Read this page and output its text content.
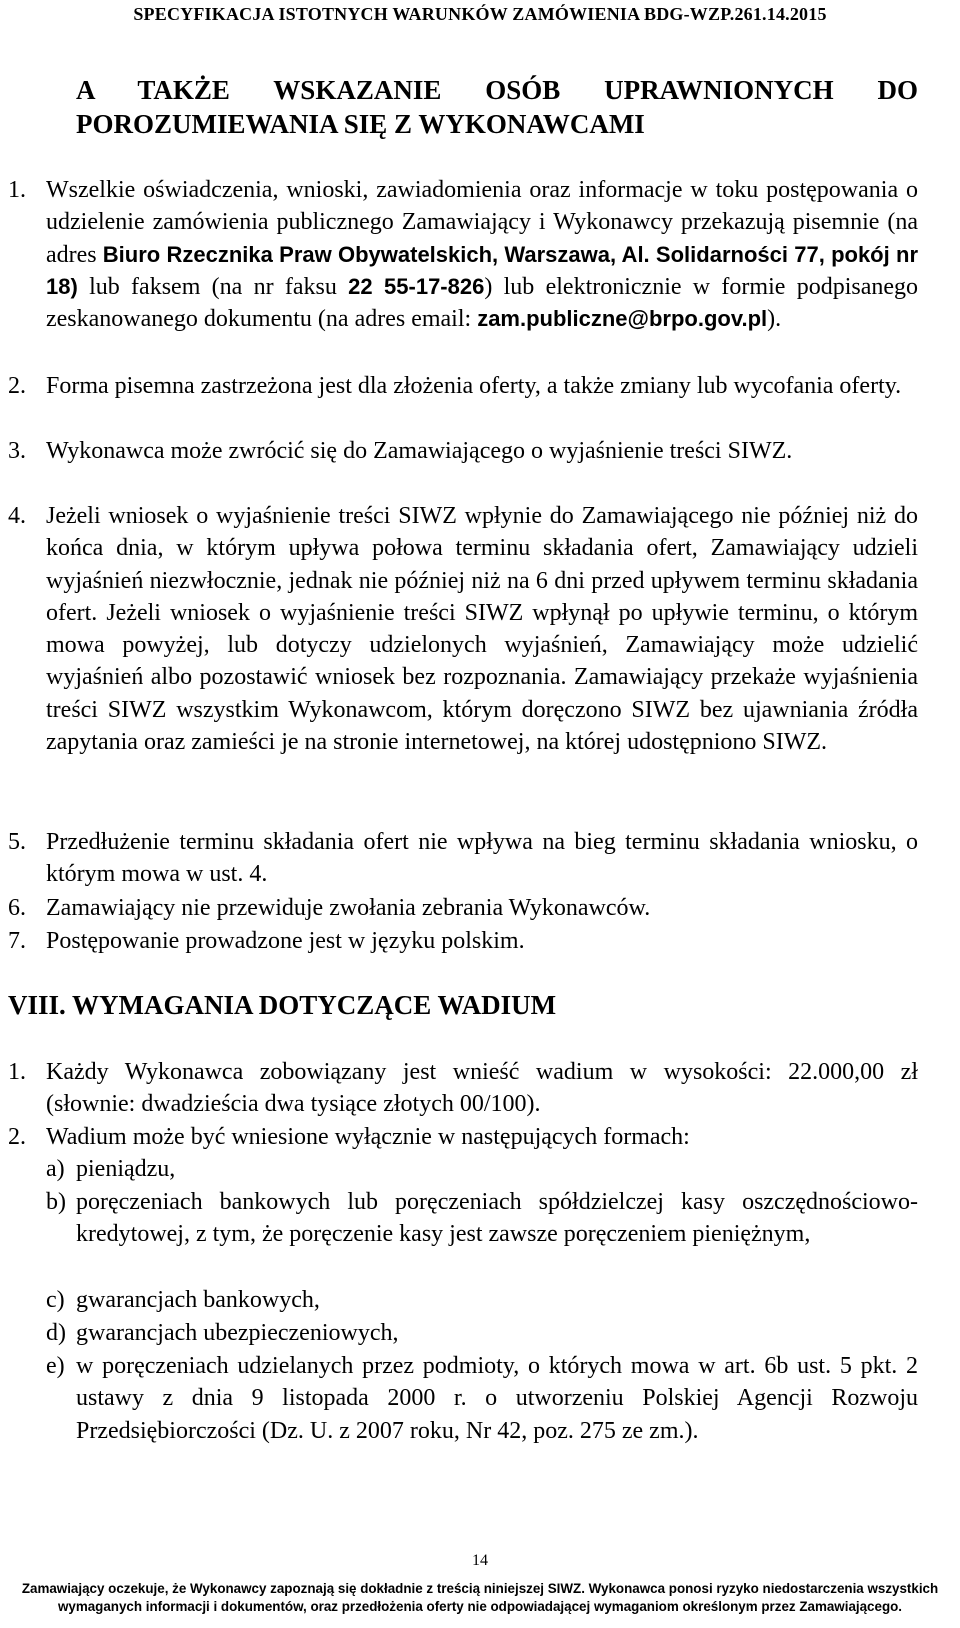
SPECYFIKACJA ISTOTNYCH WARUNKÓW ZAMÓWIENIA BDG-WZP.261.14.2015
A TAKŻE WSKAZANIE OSÓB UPRAWNIONYCH DO
POROZUMIEWANIA SIĘ Z WYKONAWCAMI
1. Wszelkie oświadczenia, wnioski, zawiadomienia oraz informacje w toku postępowania o udzielenie zamówienia publicznego Zamawiający i Wykonawcy przekazują pisemnie (na adres Biuro Rzecznika Praw Obywatelskich, Warszawa, Al. Solidarności 77, pokój nr 18) lub faksem (na nr faksu 22 55-17-826) lub elektronicznie w formie podpisanego zeskanowanego dokumentu (na adres email: zam.publiczne@brpo.gov.pl).
2. Forma pisemna zastrzeżona jest dla złożenia oferty, a także zmiany lub wycofania oferty.
3. Wykonawca może zwrócić się do Zamawiającego o wyjaśnienie treści SIWZ.
4. Jeżeli wniosek o wyjaśnienie treści SIWZ wpłynie do Zamawiającego nie później niż do końca dnia, w którym upływa połowa terminu składania ofert, Zamawiający udzieli wyjaśnień niezwłocznie, jednak nie później niż na 6 dni przed upływem terminu składania ofert. Jeżeli wniosek o wyjaśnienie treści SIWZ wpłynął po upływie terminu, o którym mowa powyżej, lub dotyczy udzielonych wyjaśnień, Zamawiający może udzielić wyjaśnień albo pozostawić wniosek bez rozpoznania. Zamawiający przekaże wyjaśnienia treści SIWZ wszystkim Wykonawcom, którym doręczono SIWZ bez ujawniania źródła zapytania oraz zamieści je na stronie internetowej, na której udostępniono SIWZ.
5. Przedłużenie terminu składania ofert nie wpływa na bieg terminu składania wniosku, o którym mowa w ust. 4.
6. Zamawiający nie przewiduje zwołania zebrania Wykonawców.
7. Postępowanie prowadzone jest w języku polskim.
VIII. WYMAGANIA DOTYCZĄCE WADIUM
1. Każdy Wykonawca zobowiązany jest wnieść wadium w wysokości: 22.000,00 zł (słownie: dwadzieścia dwa tysiące złotych 00/100).
2. Wadium może być wniesione wyłącznie w następujących formach:
a) pieniądzu,
b) poręczeniach bankowych lub poręczeniach spółdzielczej kasy oszczędnościowo-kredytowej, z tym, że poręczenie kasy jest zawsze poręczeniem pieniężnym,
c) gwarancjach bankowych,
d) gwarancjach ubezpieczeniowych,
e) w poręczeniach udzielanych przez podmioty, o których mowa w art. 6b ust. 5 pkt. 2 ustawy z dnia 9 listopada 2000 r. o utworzeniu Polskiej Agencji Rozwoju Przedsiębiorczości (Dz. U. z 2007 roku, Nr 42, poz. 275 ze zm.).
14
Zamawiający oczekuje, że Wykonawcy zapoznają się dokładnie z treścią niniejszej SIWZ. Wykonawca ponosi ryzyko niedostarczenia wszystkich
wymaganych informacji i dokumentów, oraz przedłożenia oferty nie odpowiadającej wymaganiom określonym przez Zamawiającego.
